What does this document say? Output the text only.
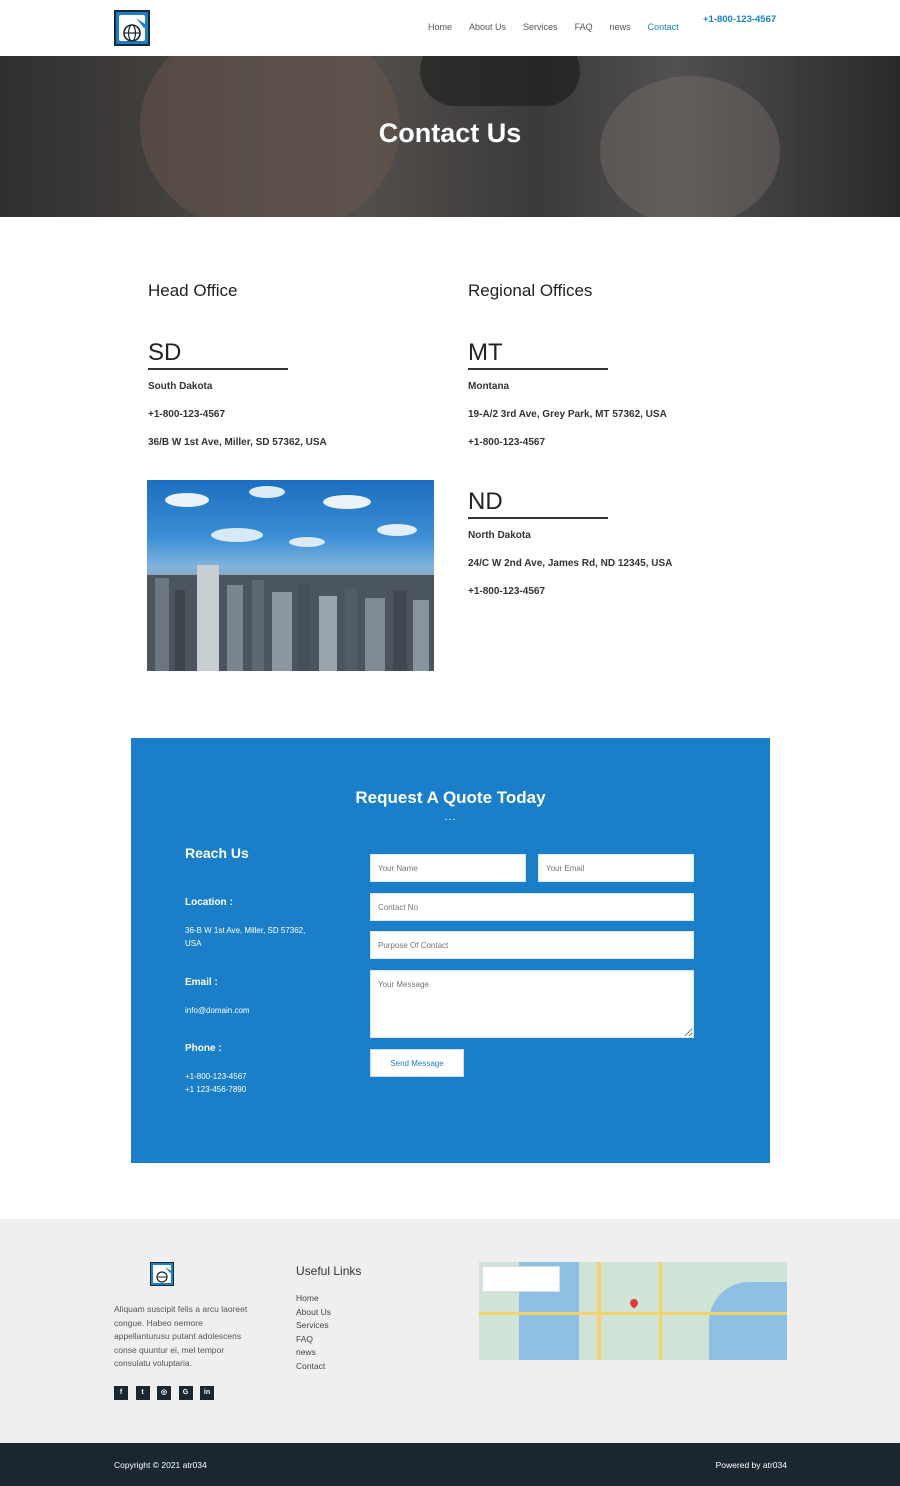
Home About Us Services FAQ news Contact
+1-800-123-4567
Contact Us
Head Office	Regional Offices
SD
South Dakota
+1-800-123-4567
36/B W 1st Ave, Miller, SD 57362, USA
MT
Montana
19-A/2 3rd Ave, Grey Park, MT 57362, USA
+1-800-123-4567
ND
North Dakota
24/C W 2nd Ave, James Rd, ND 12345, USA
+1-800-123-4567
Request A Quote Today
...
Reach Us
Location :
36-B W 1st Ave, Miller, SD 57362,
USA
Email :
info@domain.com
Phone :
+1-800-123-4567
+1 123-456-7890
Your Name
Your Email
Contact No
Purpose Of Contact
Your Message
Send Message
Aliquam suscipit felis a arcu laoreet
congue. Habeo nemore
appellanturusu putant adolescens
conse quuntur ei, mel tempor
consulatu voluptaria.
f	t	◎	G	in
Useful Links
Home
About Us
Services
FAQ
news
Contact
Copyright © 2021 atr034	Powered by atr034
